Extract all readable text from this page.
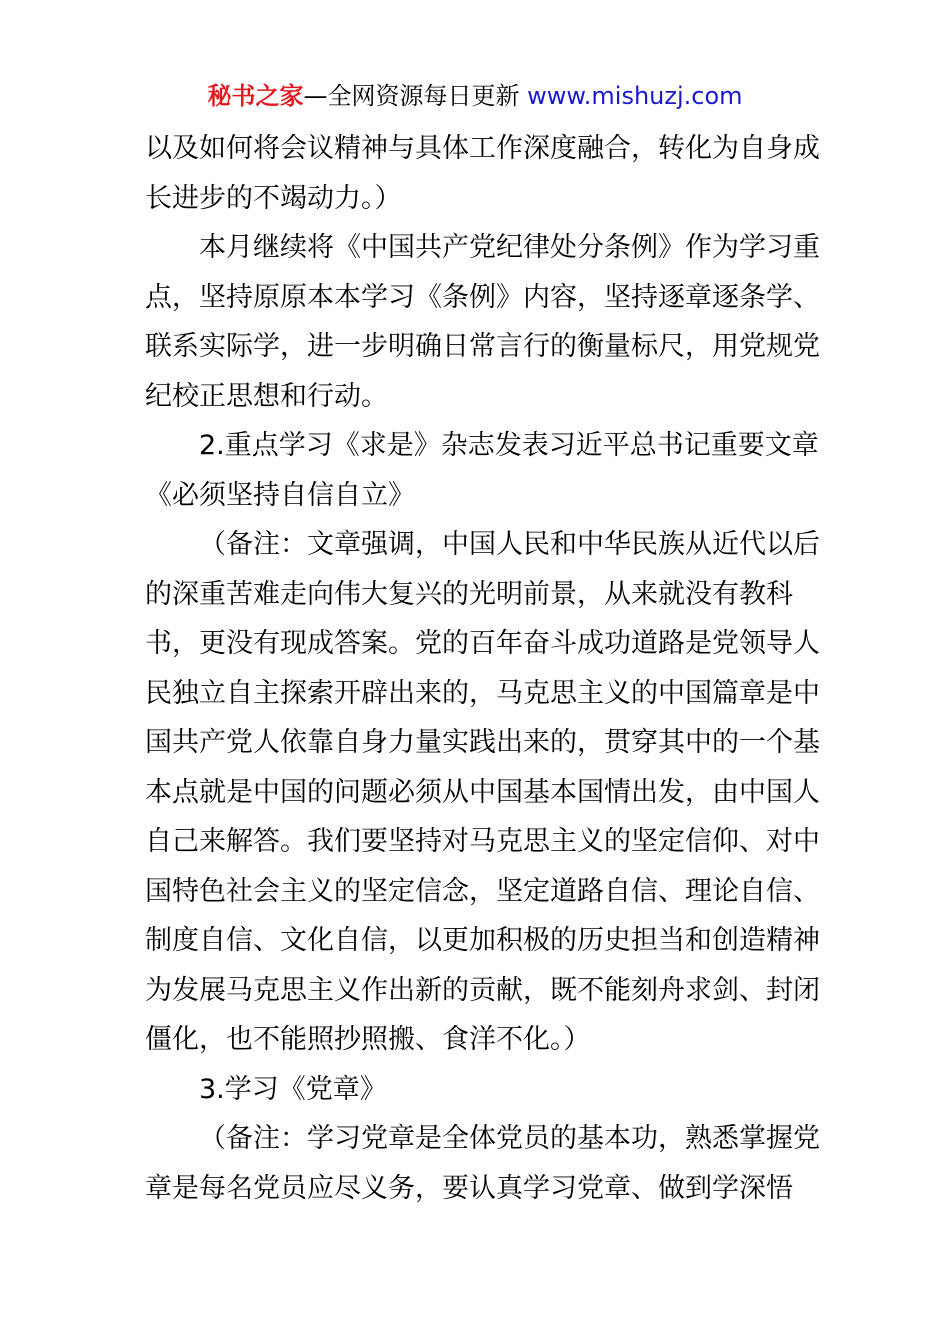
秘书之家—全网资源每日更新 www.mishuzj.com
以及如何将会议精神与具体工作深度融合，转化为自身成
长进步的不竭动力。）
本月继续将《中国共产党纪律处分条例》作为学习重
点，坚持原原本本学习《条例》内容，坚持逐章逐条学、
联系实际学，进一步明确日常言行的衡量标尺，用党规党
纪校正思想和行动。
2.重点学习《求是》杂志发表习近平总书记重要文章
《必须坚持自信自立》
（备注：文章强调，中国人民和中华民族从近代以后
的深重苦难走向伟大复兴的光明前景，从来就没有教科
书，更没有现成答案。党的百年奋斗成功道路是党领导人
民独立自主探索开辟出来的，马克思主义的中国篇章是中
国共产党人依靠自身力量实践出来的，贯穿其中的一个基
本点就是中国的问题必须从中国基本国情出发，由中国人
自己来解答。我们要坚持对马克思主义的坚定信仰、对中
国特色社会主义的坚定信念，坚定道路自信、理论自信、
制度自信、文化自信，以更加积极的历史担当和创造精神
为发展马克思主义作出新的贡献，既不能刻舟求剑、封闭
僵化，也不能照抄照搬、食洋不化。）
3.学习《党章》
（备注：学习党章是全体党员的基本功，熟悉掌握党
章是每名党员应尽义务，要认真学习党章、做到学深悟
